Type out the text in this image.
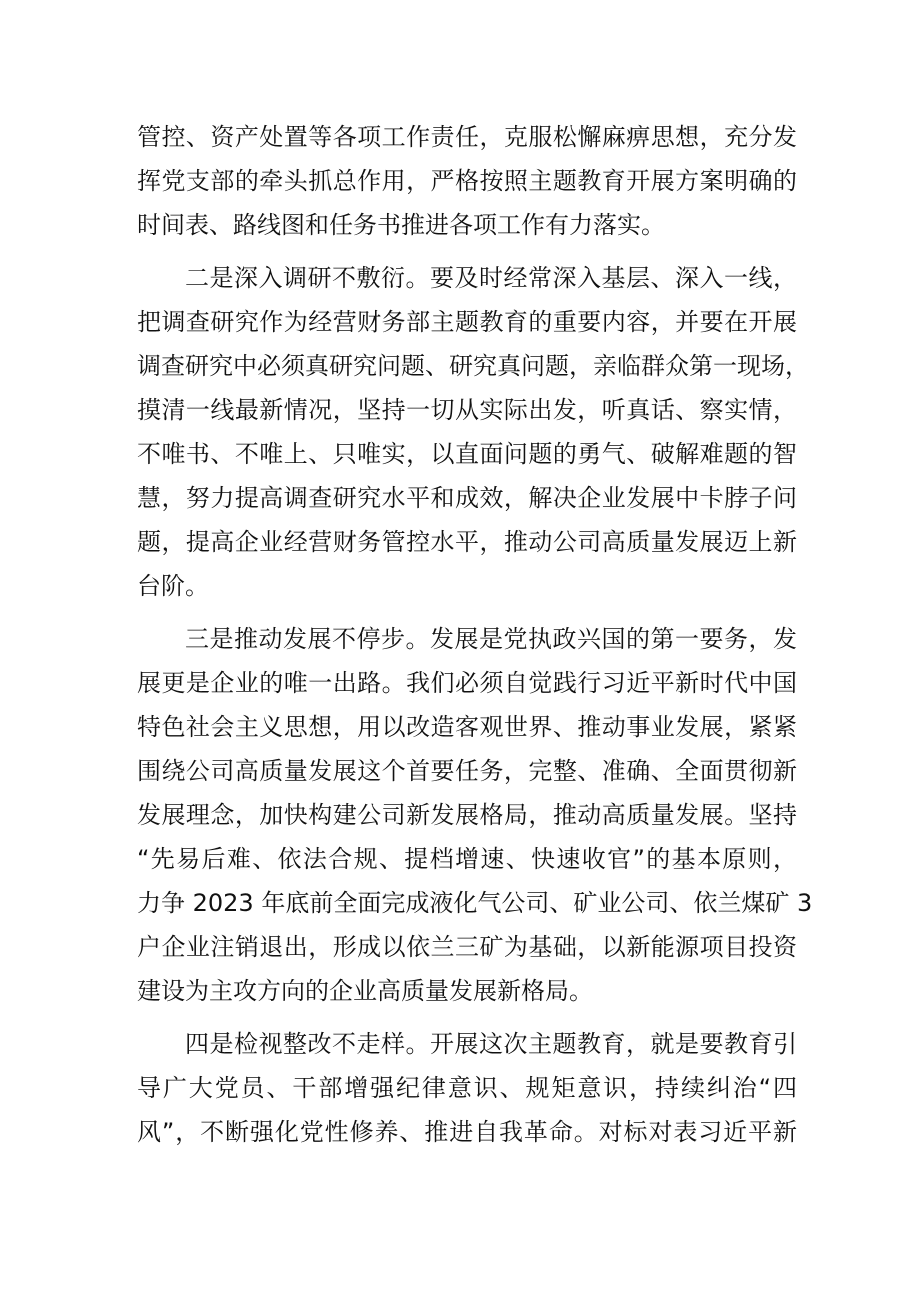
管控、资产处置等各项工作责任，克服松懈麻痹思想，充分发
挥党支部的牵头抓总作用，严格按照主题教育开展方案明确的
时间表、路线图和任务书推进各项工作有力落实。
二是深入调研不敷衍。要及时经常深入基层、深入一线，
把调查研究作为经营财务部主题教育的重要内容，并要在开展
调查研究中必须真研究问题、研究真问题，亲临群众第一现场，
摸清一线最新情况，坚持一切从实际出发，听真话、察实情，
不唯书、不唯上、只唯实，以直面问题的勇气、破解难题的智
慧，努力提高调查研究水平和成效，解决企业发展中卡脖子问
题，提高企业经营财务管控水平，推动公司高质量发展迈上新
台阶。
三是推动发展不停步。发展是党执政兴国的第一要务，发
展更是企业的唯一出路。我们必须自觉践行习近平新时代中国
特色社会主义思想，用以改造客观世界、推动事业发展，紧紧
围绕公司高质量发展这个首要任务，完整、准确、全面贯彻新
发展理念，加快构建公司新发展格局，推动高质量发展。坚持
“先易后难、依法合规、提档增速、快速收官”的基本原则，
力争 2023 年底前全面完成液化气公司、矿业公司、依兰煤矿 3
户企业注销退出，形成以依兰三矿为基础，以新能源项目投资
建设为主攻方向的企业高质量发展新格局。
四是检视整改不走样。开展这次主题教育，就是要教育引
导广大党员、干部增强纪律意识、规矩意识，持续纠治“四
风”，不断强化党性修养、推进自我革命。对标对表习近平新
